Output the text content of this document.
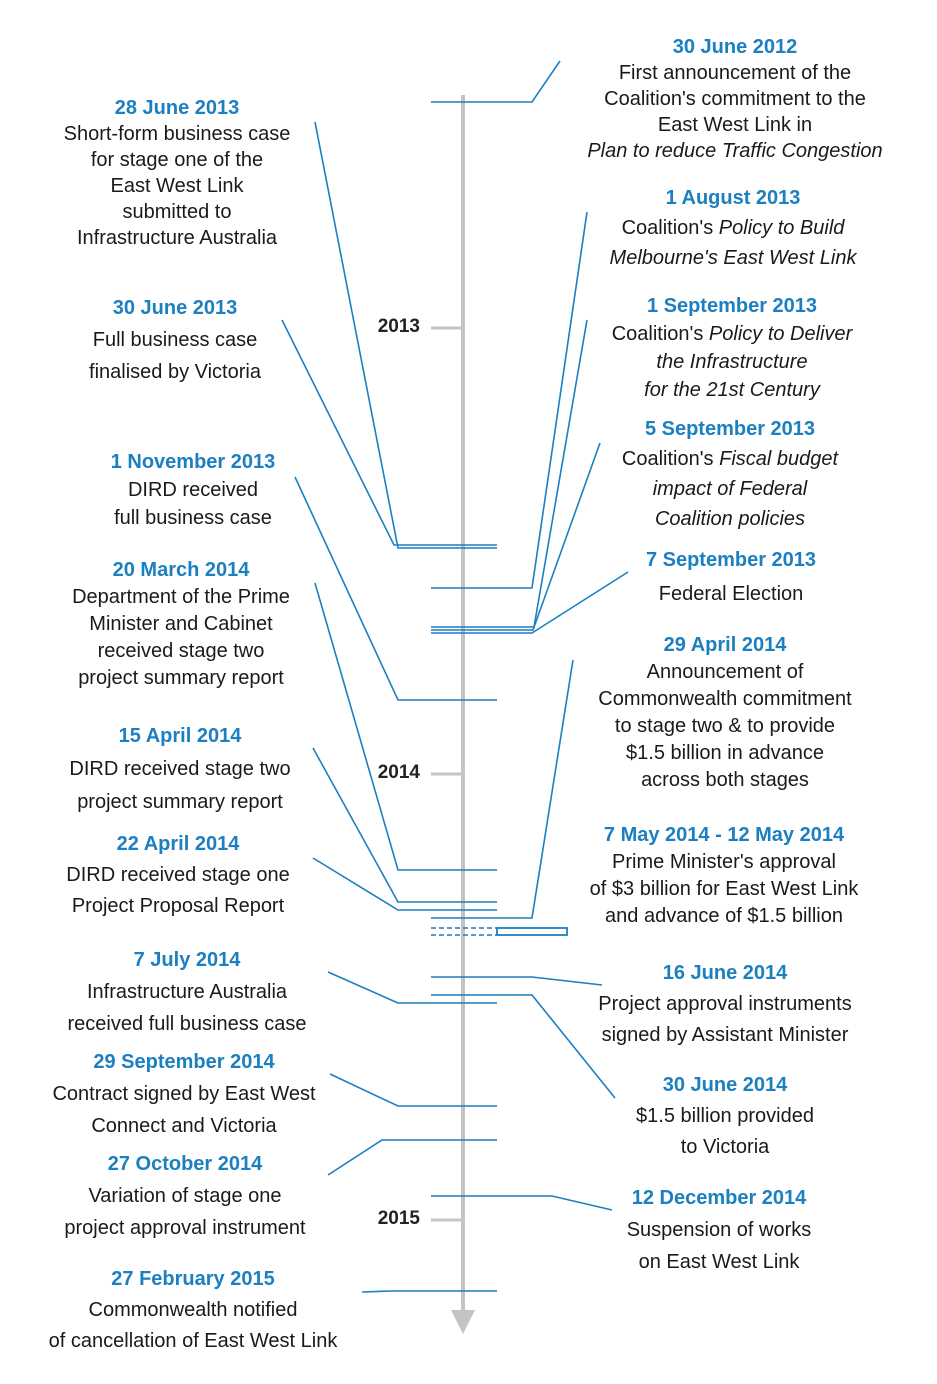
2013
2014
2015
28 June 2013
Short-form business case
for stage one of the
East West Link
submitted to
Infrastructure Australia
30 June 2013
Full business case
finalised by Victoria
1 November 2013
DIRD received
full business case
20 March 2014
Department of the Prime
Minister and Cabinet
received stage two
project summary report
15 April 2014
DIRD received stage two
project summary report
22 April 2014
DIRD received stage one
Project Proposal Report
7 July 2014
Infrastructure Australia
received full business case
29 September 2014
Contract signed by East West
Connect and Victoria
27 October 2014
Variation of stage one
project approval instrument
27 February 2015
Commonwealth notified
of cancellation of East West Link
30 June 2012
First announcement of the
Coalition's commitment to the
East West Link in
Plan to reduce Traffic Congestion
1 August 2013
Coalition's Policy to Build
Melbourne's East West Link
1 September 2013
Coalition's Policy to Deliver
the Infrastructure
for the 21st Century
5 September 2013
Coalition's Fiscal budget
impact of Federal
Coalition policies
7 September 2013
Federal Election
29 April 2014
Announcement of
Commonwealth commitment
to stage two & to provide
$1.5 billion in advance
across both stages
7 May 2014 - 12 May 2014
Prime Minister's approval
of $3 billion for East West Link
and advance of $1.5 billion
16 June 2014
Project approval instruments
signed by Assistant Minister
30 June 2014
$1.5 billion provided
to Victoria
12 December 2014
Suspension of works
on East West Link
